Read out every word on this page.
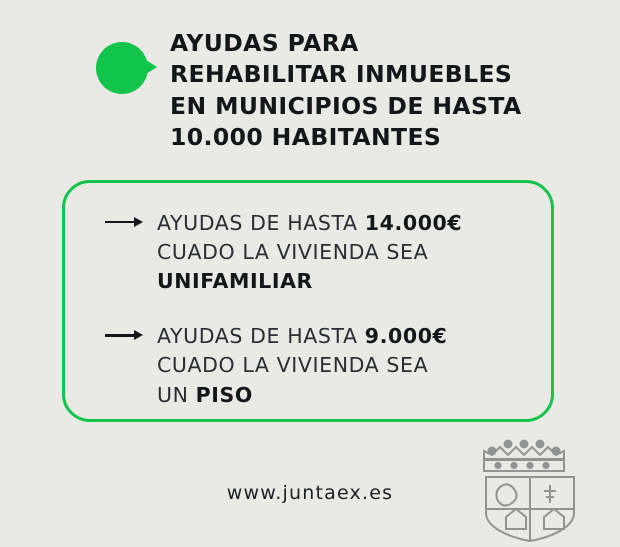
AYUDAS PARA REHABILITAR INMUEBLES EN MUNICIPIOS DE HASTA 10.000 HABITANTES
AYUDAS DE HASTA 14.000€
CUADO LA VIVIENDA SEA
UNIFAMILIAR
AYUDAS DE HASTA 9.000€
CUADO LA VIVIENDA SEA
UN PISO
www.juntaex.es
